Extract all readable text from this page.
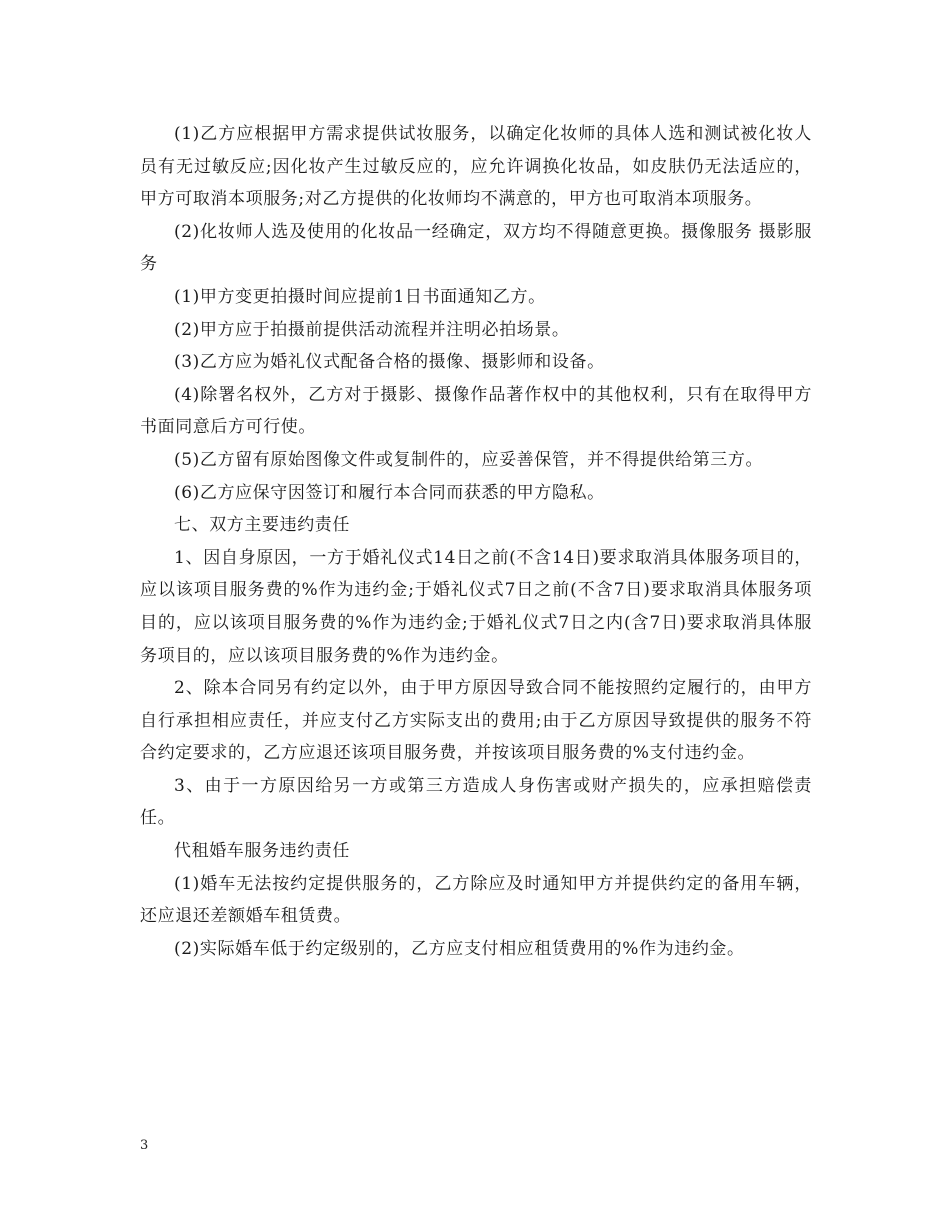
(1)乙方应根据甲方需求提供试妆服务，以确定化妆师的具体人选和测试被化妆人员有无过敏反应;因化妆产生过敏反应的，应允许调换化妆品，如皮肤仍无法适应的，甲方可取消本项服务;对乙方提供的化妆师均不满意的，甲方也可取消本项服务。

(2)化妆师人选及使用的化妆品一经确定，双方均不得随意更换。摄像服务 摄影服务

(1)甲方变更拍摄时间应提前1日书面通知乙方。

(2)甲方应于拍摄前提供活动流程并注明必拍场景。

(3)乙方应为婚礼仪式配备合格的摄像、摄影师和设备。

(4)除署名权外，乙方对于摄影、摄像作品著作权中的其他权利，只有在取得甲方书面同意后方可行使。

(5)乙方留有原始图像文件或复制件的，应妥善保管，并不得提供给第三方。

(6)乙方应保守因签订和履行本合同而获悉的甲方隐私。

七、双方主要违约责任

1、因自身原因，一方于婚礼仪式14日之前(不含14日)要求取消具体服务项目的，应以该项目服务费的%作为违约金;于婚礼仪式7日之前(不含7日)要求取消具体服务项目的，应以该项目服务费的%作为违约金;于婚礼仪式7日之内(含7日)要求取消具体服务项目的，应以该项目服务费的%作为违约金。

2、除本合同另有约定以外，由于甲方原因导致合同不能按照约定履行的，由甲方自行承担相应责任，并应支付乙方实际支出的费用;由于乙方原因导致提供的服务不符合约定要求的，乙方应退还该项目服务费，并按该项目服务费的%支付违约金。

3、由于一方原因给另一方或第三方造成人身伤害或财产损失的，应承担赔偿责任。

代租婚车服务违约责任

(1)婚车无法按约定提供服务的，乙方除应及时通知甲方并提供约定的备用车辆，还应退还差额婚车租赁费。

(2)实际婚车低于约定级别的，乙方应支付相应租赁费用的%作为违约金。

3
